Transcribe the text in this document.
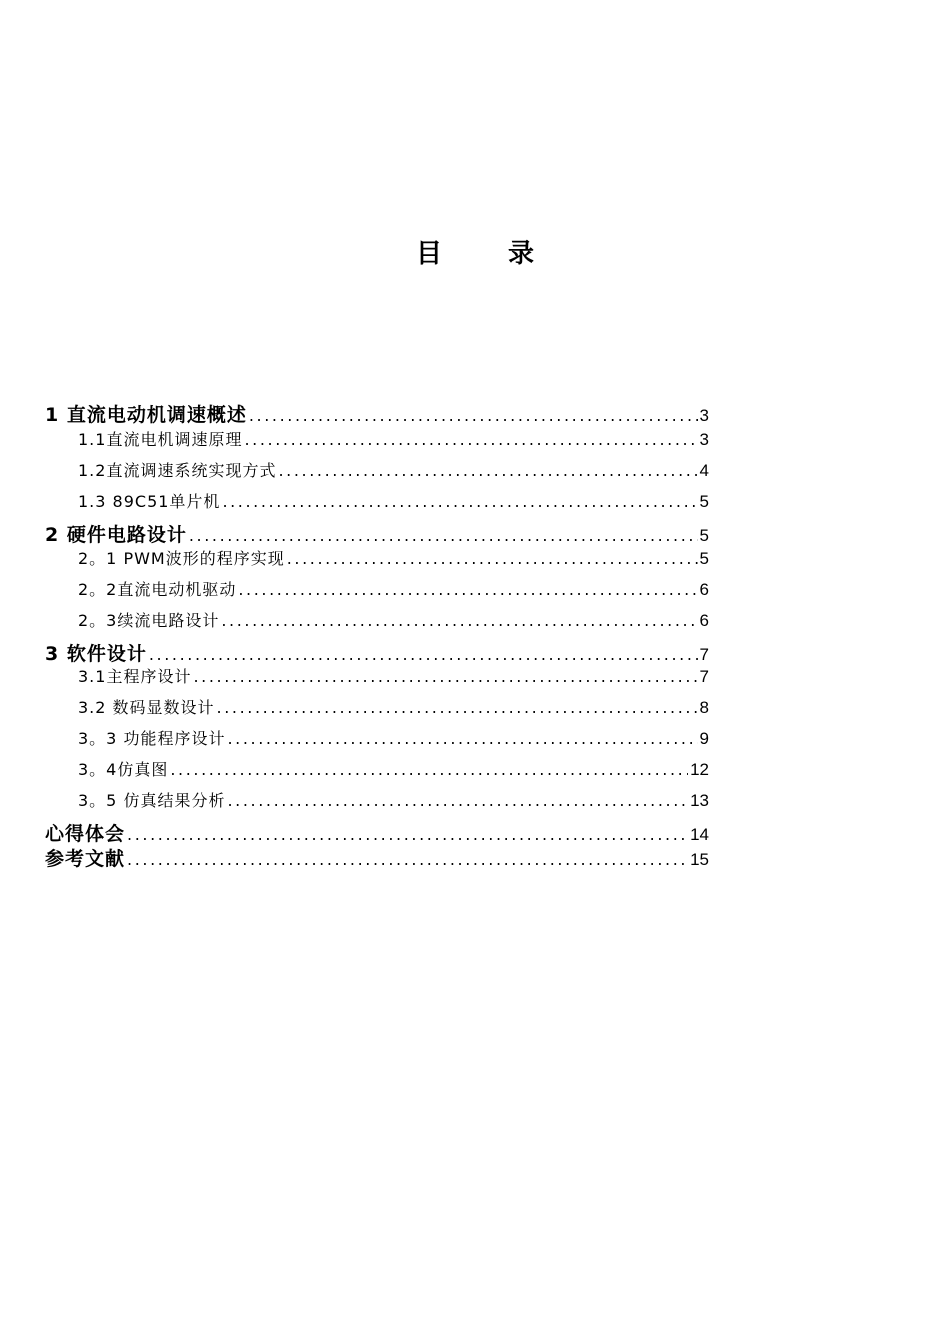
目	录
1 直流电动机调速概述 .....	3
1.1直流电机调速原理 .....	3
1.2直流调速系统实现方式 .....	4
1.3 89C51单片机 .....	5
2 硬件电路设计 .....	5
2。1 PWM波形的程序实现 .....	5
2。2直流电动机驱动 .....	6
2。3续流电路设计 .....	6
3 软件设计 .....	7
3.1主程序设计 .....	7
3.2 数码显数设计 .....	8
3。3 功能程序设计 .....	9
3。4仿真图 .....	12
3。5 仿真结果分析 .....	13
心得体会 .....	14
参考文献 .....	15
